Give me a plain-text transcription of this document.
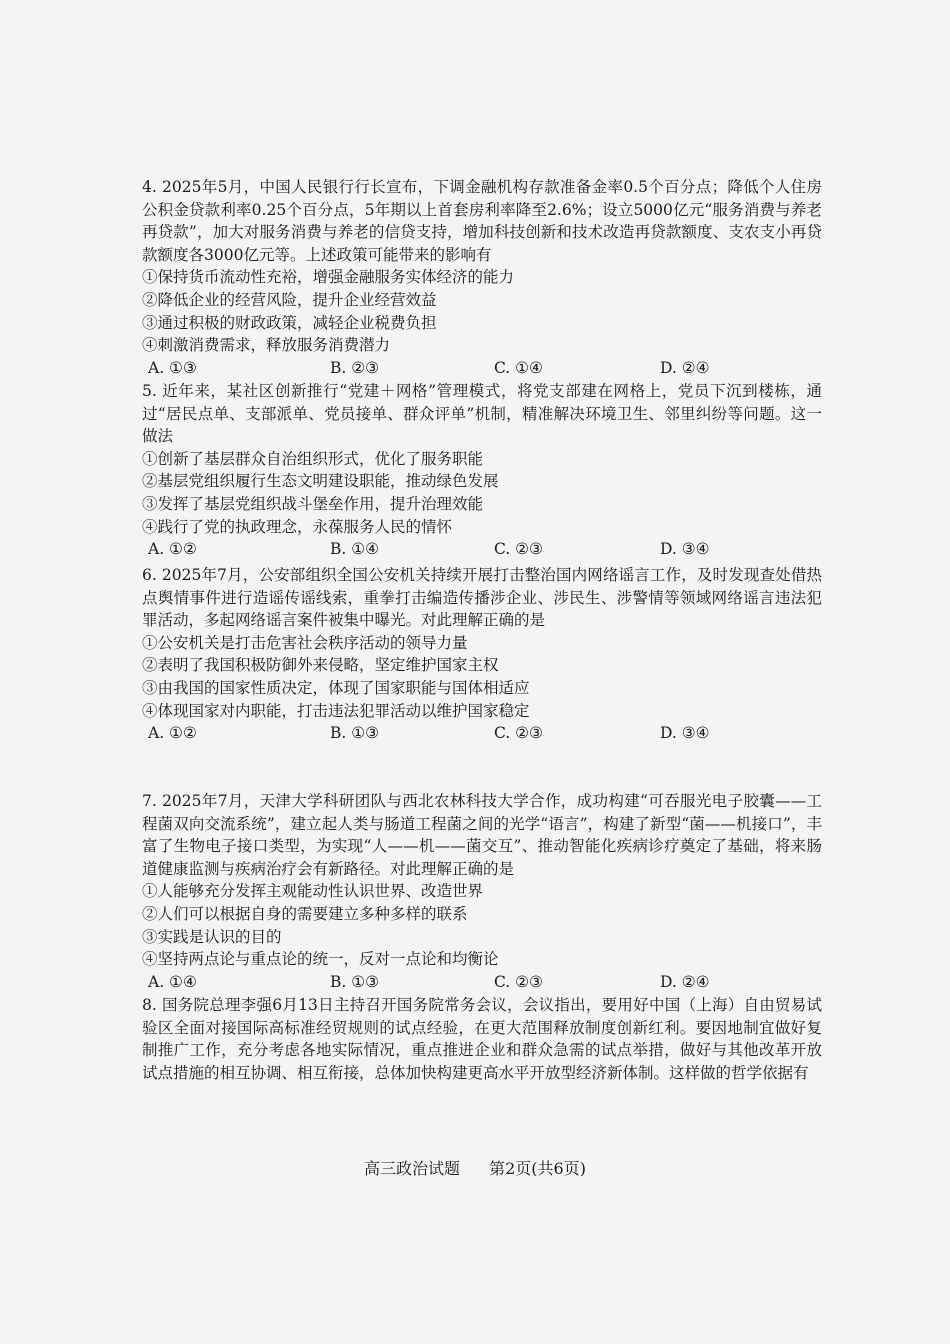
4. 2025年5月，中国人民银行行长宣布，下调金融机构存款准备金率0.5个百分点；降低个人住房公积金贷款利率0.25个百分点，5年期以上首套房利率降至2.6%；设立5000亿元“服务消费与养老再贷款”，加大对服务消费与养老的信贷支持，增加科技创新和技术改造再贷款额度、支农支小再贷款额度各3000亿元等。上述政策可能带来的影响有

①保持货币流动性充裕，增强金融服务实体经济的能力

②降低企业的经营风险，提升企业经营效益

③通过积极的财政政策，减轻企业税费负担

④刺激消费需求，释放服务消费潜力

A. ①③	B. ②③	C. ①④	D. ②④

5. 近年来，某社区创新推行“党建＋网格”管理模式，将党支部建在网格上，党员下沉到楼栋，通过“居民点单、支部派单、党员接单、群众评单”机制，精准解决环境卫生、邻里纠纷等问题。这一做法

①创新了基层群众自治组织形式，优化了服务职能

②基层党组织履行生态文明建设职能，推动绿色发展

③发挥了基层党组织战斗堡垒作用，提升治理效能

④践行了党的执政理念，永葆服务人民的情怀

A. ①②	B. ①④	C. ②③	D. ③④

6. 2025年7月，公安部组织全国公安机关持续开展打击整治国内网络谣言工作，及时发现查处借热点舆情事件进行造谣传谣线索，重拳打击编造传播涉企业、涉民生、涉警情等领域网络谣言违法犯罪活动，多起网络谣言案件被集中曝光。对此理解正确的是

①公安机关是打击危害社会秩序活动的领导力量

②表明了我国积极防御外来侵略，坚定维护国家主权

③由我国的国家性质决定，体现了国家职能与国体相适应

④体现国家对内职能，打击违法犯罪活动以维护国家稳定

A. ①②	B. ①③	C. ②③	D. ③④

7. 2025年7月，天津大学科研团队与西北农林科技大学合作，成功构建“可吞服光电子胶囊——工程菌双向交流系统”，建立起人类与肠道工程菌之间的光学“语言”，构建了新型“菌——机接口”，丰富了生物电子接口类型，为实现“人——机——菌交互”、推动智能化疾病诊疗奠定了基础，将来肠道健康监测与疾病治疗会有新路径。对此理解正确的是

①人能够充分发挥主观能动性认识世界、改造世界

②人们可以根据自身的需要建立多种多样的联系

③实践是认识的目的

④坚持两点论与重点论的统一，反对一点论和均衡论

A. ①④	B. ①③	C. ②③	D. ②④

8. 国务院总理李强6月13日主持召开国务院常务会议，会议指出，要用好中国（上海）自由贸易试验区全面对接国际高标准经贸规则的试点经验，在更大范围释放制度创新红利。要因地制宜做好复制推广工作，充分考虑各地实际情况，重点推进企业和群众急需的试点举措，做好与其他改革开放试点措施的相互协调、相互衔接，总体加快构建更高水平开放型经济新体制。这样做的哲学依据有

高三政治试题 第2页(共6页)
